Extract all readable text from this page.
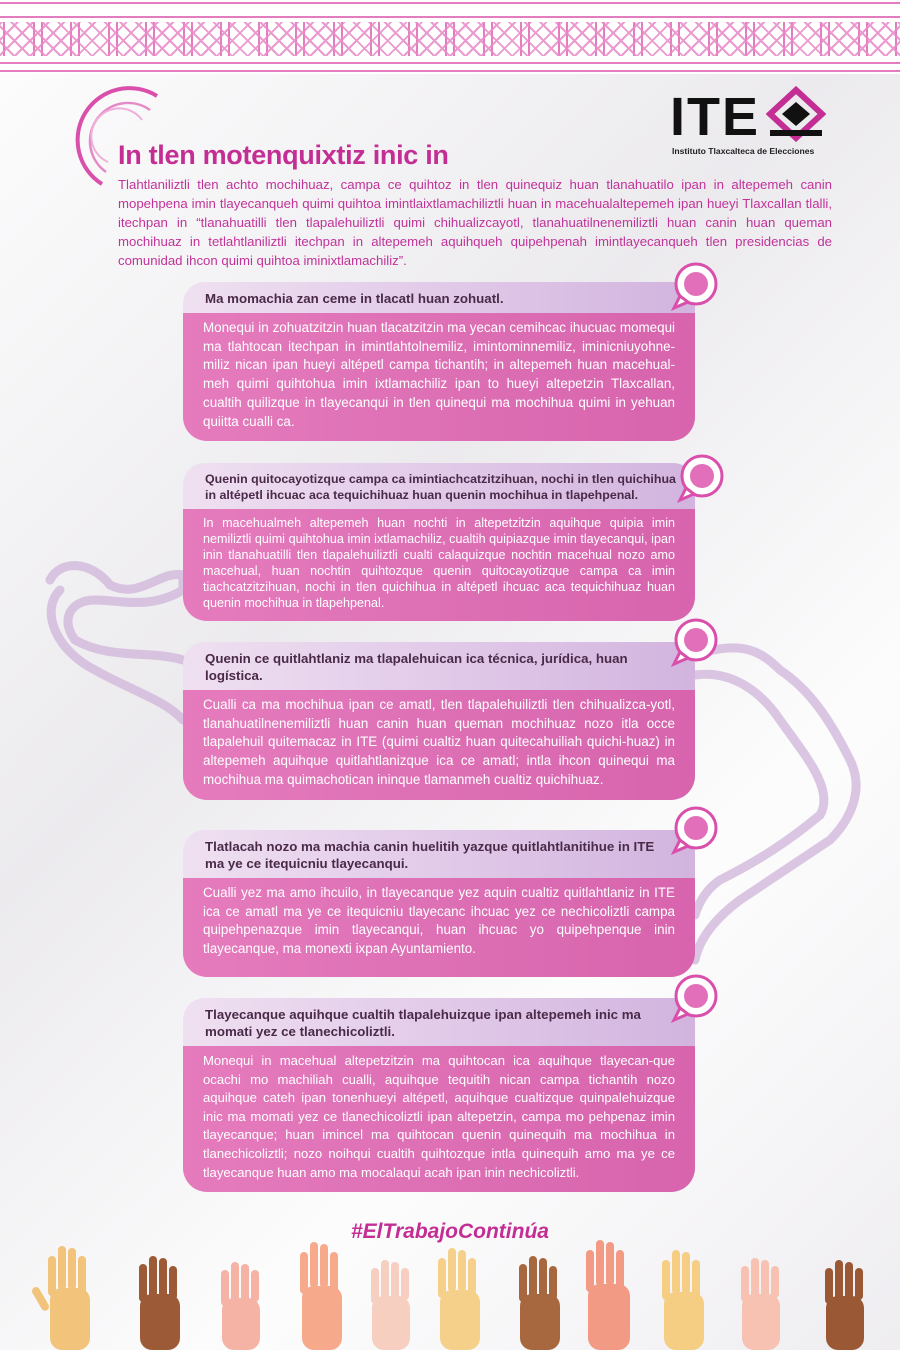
ITE
Instituto Tlaxcalteca de Elecciones
In tlen motenquixtiz inic in

Tlahtlaniliztli tlen achto mochihuaz, campa ce quihtoz in tlen quinequiz huan tlanahuatilo ipan in altepemeh canin mopehpena imin tlayecanqueh quimi quihtoa imintlaixtlamachiliztli huan in macehualaltepemeh ipan hueyi Tlaxcallan tlalli, itechpan in “tlanahuatilli tlen tlapalehuiliztli quimi chihualizcayotl, tlanahuatilnenemiliztli huan canin huan queman mochihuaz in tetlahtlaniliztli itechpan in altepemeh aquihqueh quipehpenah imintlayecanqueh tlen presidencias de comunidad ihcon quimi quihtoa iminixtlamachiliz”.

Ma momachia zan ceme in tlacatl huan zohuatl.
Monequi in zohuatzitzin huan tlacatzitzin ma yecan cemihcac ihucuac momequi ma tlahtocan itechpan in imintlahtolnemiliz, imintominnemiliz, iminicniuyohne-miliz nican ipan hueyi altépetl campa tichantih; in altepemeh huan macehual-meh quimi quihtohua imin ixtlamachiliz ipan to hueyi altepetzin Tlaxcallan, cualtih quilizque in tlayecanqui in tlen quinequi ma mochihua quimi in yehuan quiitta cualli ca.
Quenin quitocayotizque campa ca imintiachcatzitzihuan, nochi in tlen quichihua in altépetl ihcuac aca tequichihuaz huan quenin mochihua in tlapehpenal.
In macehualmeh altepemeh huan nochti in altepetzitzin aquihque quipia imin nemiliztli quimi quihtohua imin ixtlamachiliz, cualtih quipiazque imin tlayecanqui, ipan inin tlanahuatilli tlen tlapalehuiliztli cualti calaquizque nochtin macehual nozo amo macehual, huan nochtin quihtozque quenin quitocayotizque campa ca imin tiachcatzitzihuan, nochi in tlen quichihua in altépetl ihcuac aca tequichihuaz huan quenin mochihua in tlapehpenal.
Quenin ce quitlahtlaniz ma tlapalehuican ica técnica, jurídica, huan logística.
Cualli ca ma mochihua ipan ce amatl, tlen tlapalehuiliztli tlen chihualizca-yotl, tlanahuatilnenemiliztli huan canin huan queman mochihuaz nozo itla occe tlapalehuil quitemacaz in ITE (quimi cualtiz huan quitecahuiliah quichi-huaz) in altepemeh aquihque quitlahtlanizque ica ce amatl; intla ihcon quinequi ma mochihua ma quimachotican ininque tlamanmeh cualtiz quichihuaz.
Tlatlacah nozo ma machia canin huelitih yazque quitlahtlanitihue in ITE ma ye ce itequicniu tlayecanqui.
Cualli yez ma amo ihcuilo, in tlayecanque yez aquin cualtiz quitlahtlaniz in ITE ica ce amatl ma ye ce itequicniu tlayecanc ihcuac yez ce nechicoliztli campa quipehpenazque imin tlayecanqui, huan ihcuac yo quipehpenque inin tlayecanque, ma monexti ixpan Ayuntamiento.
Tlayecanque aquihque cualtih tlapalehuizque ipan altepemeh inic ma momati yez ce tlanechicoliztli.
Monequi in macehual altepetzitzin ma quihtocan ica aquihque tlayecan-que ocachi mo machiliah cualli, aquihque tequitih nican campa tichantih nozo aquihque cateh ipan tonenhueyi altépetl, aquihque cualtizque quinpalehuizque inic ma momati yez ce tlanechicoliztli ipan altepetzin, campa mo pehpenaz imin tlayecanque; huan imincel ma quihtocan quenin quinequih ma mochihua in tlanechicoliztli; nozo noihqui cualtih quihtozque intla quinequih amo ma ye ce tlayecanque huan amo ma mocalaqui acah ipan inin nechicoliztli.
#ElTrabajoContinúa
